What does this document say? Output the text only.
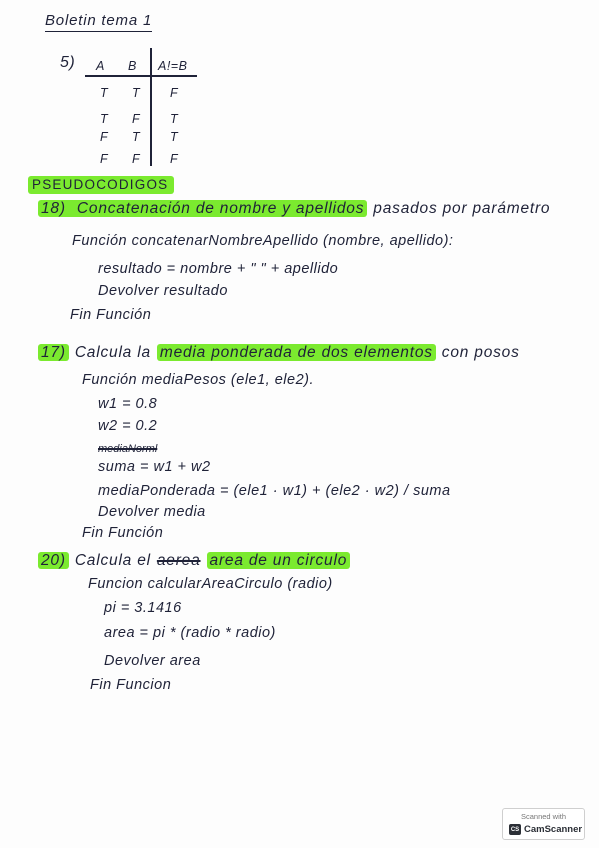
Boletin tema 1
5) A B A!=B
T T F
T F T
F T T
F F F
PSEUDOCODIGOS
18) Concatenación de nombre y apellidos pasados por parámetro
Función concatenarNombreApellido (nombre, apellido):
resultado = nombre + " " + apellido
Devolver resultado
Fin Función
17) Calcula la media ponderada de dos elementos con posos
Función mediaPesos (ele1, ele2).
w1 = 0.8
w2 = 0.2
mediaNorml
suma = w1 + w2
mediaPonderada = (ele1 · w1) + (ele2 · w2) / suma
Devolver media
Fin Función
20) Calcula el aerea area de un circulo
Funcion calcularAreaCirculo (radio)
pi = 3.1416
area = pi * (radio * radio)
Devolver area
Fin Funcion
Scanned with
CS CamScanner
